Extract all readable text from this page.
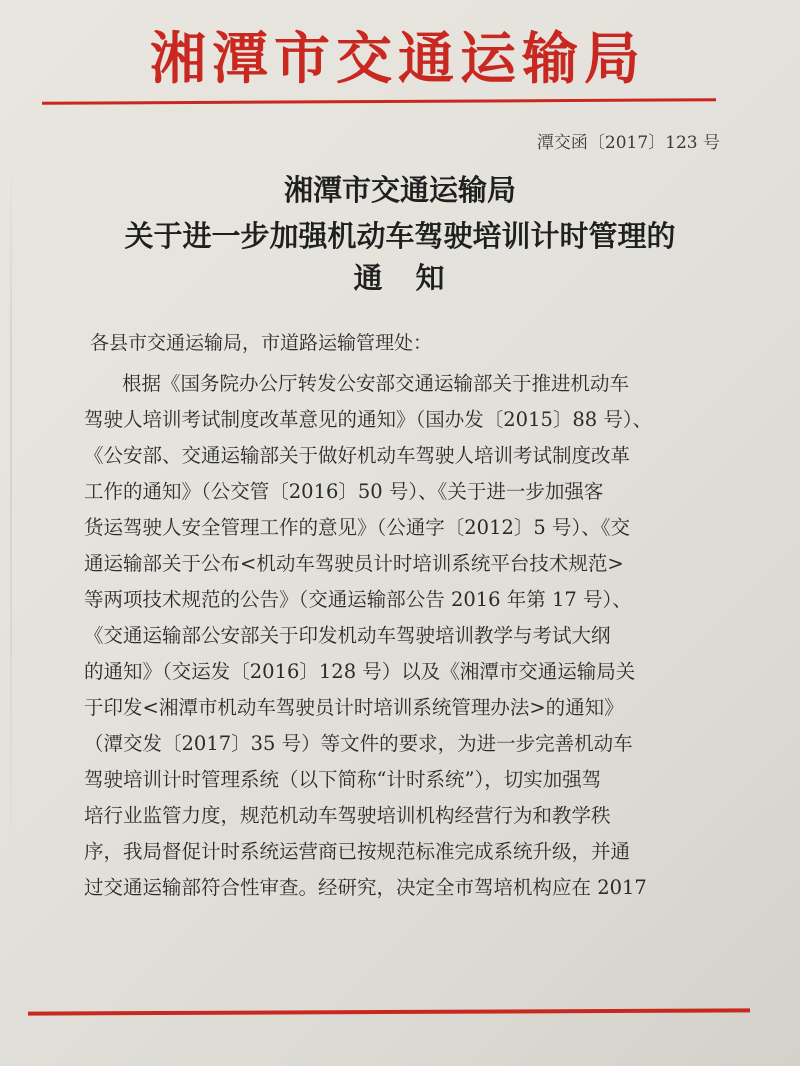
湘潭市交通运输局
潭交函〔2017〕123 号
湘潭市交通运输局
关于进一步加强机动车驾驶培训计时管理的
通　知
各县市交通运输局，市道路运输管理处：
根据《国务院办公厅转发公安部交通运输部关于推进机动车
驾驶人培训考试制度改革意见的通知》（国办发〔2015〕88 号）、
《公安部、交通运输部关于做好机动车驾驶人培训考试制度改革
工作的通知》（公交管〔2016〕50 号）、《关于进一步加强客
货运驾驶人安全管理工作的意见》（公通字〔2012〕5 号）、《交
通运输部关于公布<机动车驾驶员计时培训系统平台技术规范>
等两项技术规范的公告》（交通运输部公告 2016 年第 17 号）、
《交通运输部公安部关于印发机动车驾驶培训教学与考试大纲
的通知》（交运发〔2016〕128 号）以及《湘潭市交通运输局关
于印发<湘潭市机动车驾驶员计时培训系统管理办法>的通知》
（潭交发〔2017〕35 号）等文件的要求，为进一步完善机动车
驾驶培训计时管理系统（以下简称“计时系统”），切实加强驾
培行业监管力度，规范机动车驾驶培训机构经营行为和教学秩
序，我局督促计时系统运营商已按规范标准完成系统升级，并通
过交通运输部符合性审查。经研究，决定全市驾培机构应在 2017
